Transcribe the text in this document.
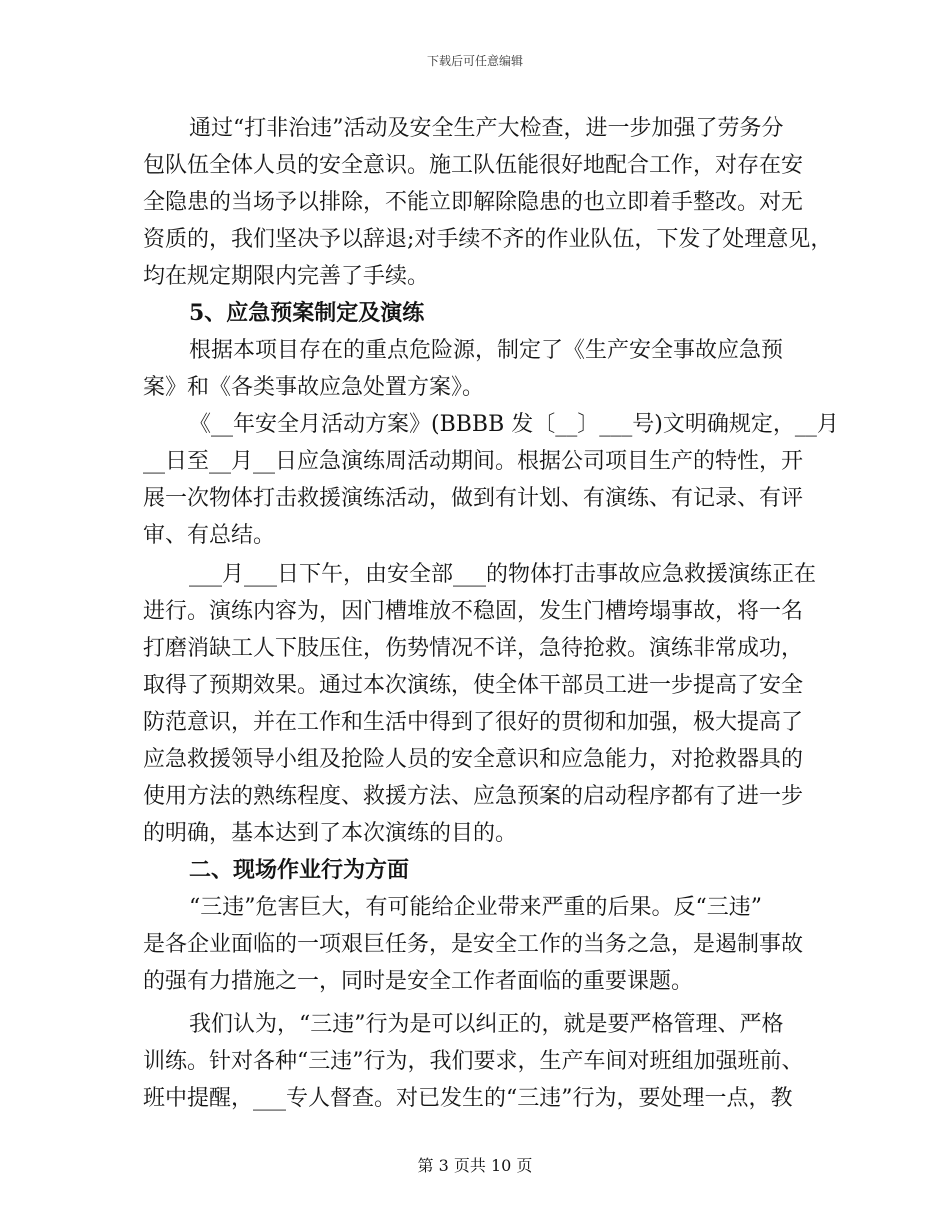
下载后可任意编辑
通过“打非治违”活动及安全生产大检查，进一步加强了劳务分
包队伍全体人员的安全意识。施工队伍能很好地配合工作，对存在安
全隐患的当场予以排除，不能立即解除隐患的也立即着手整改。对无
资质的，我们坚决予以辞退;对手续不齐的作业队伍，下发了处理意见，
均在规定期限内完善了手续。
5、应急预案制定及演练
根据本项目存在的重点危险源，制定了《生产安全事故应急预
案》和《各类事故应急处置方案》。
《__年安全月活动方案》(BBBB 发〔__〕___号)文明确规定，__月
__日至__月__日应急演练周活动期间。根据公司项目生产的特性，开
展一次物体打击救援演练活动，做到有计划、有演练、有记录、有评
审、有总结。
___月___日下午，由安全部___的物体打击事故应急救援演练正在
进行。演练内容为，因门槽堆放不稳固，发生门槽垮塌事故，将一名
打磨消缺工人下肢压住，伤势情况不详，急待抢救。演练非常成功，
取得了预期效果。通过本次演练，使全体干部员工进一步提高了安全
防范意识，并在工作和生活中得到了很好的贯彻和加强，极大提高了
应急救援领导小组及抢险人员的安全意识和应急能力，对抢救器具的
使用方法的熟练程度、救援方法、应急预案的启动程序都有了进一步
的明确，基本达到了本次演练的目的。
二、现场作业行为方面
“三违”危害巨大，有可能给企业带来严重的后果。反“三违”
是各企业面临的一项艰巨任务，是安全工作的当务之急，是遏制事故
的强有力措施之一，同时是安全工作者面临的重要课题。
我们认为，“三违”行为是可以纠正的，就是要严格管理、严格
训练。针对各种“三违”行为，我们要求，生产车间对班组加强班前、
班中提醒，___专人督查。对已发生的“三违”行为，要处理一点，教
第 3 页共 10 页
